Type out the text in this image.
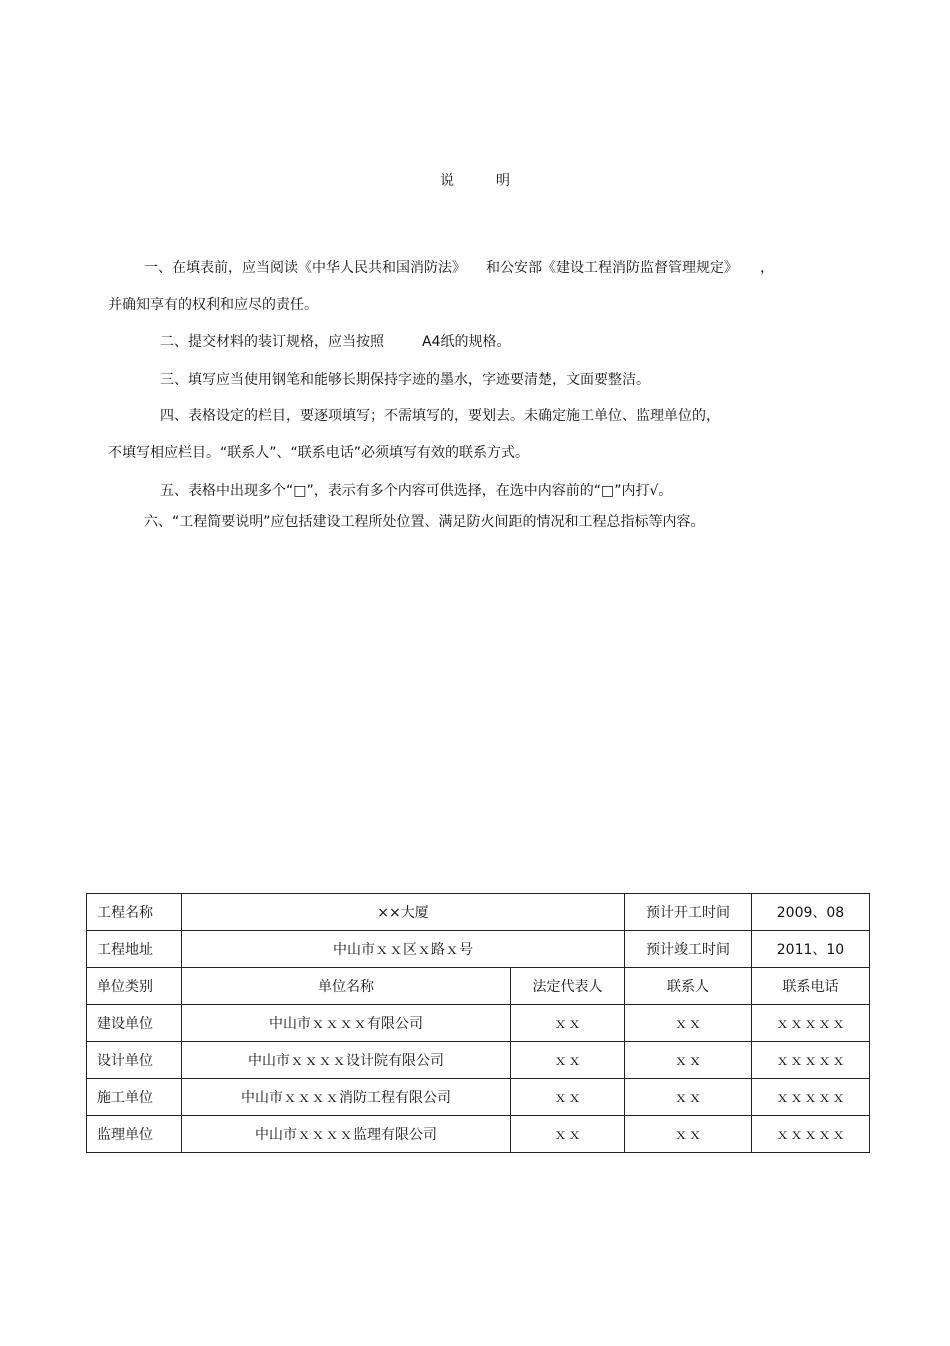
说	明
一、在填表前，应当阅读《中华人民共和国消防法》 和公安部《建设工程消防监督管理规定》 ，
并确知享有的权利和应尽的责任。
二、提交材料的装订规格，应当按照	A4纸的规格。
三、填写应当使用钢笔和能够长期保持字迹的墨水，字迹要清楚，文面要整洁。
四、表格设定的栏目，要逐项填写；不需填写的，要划去。未确定施工单位、监理单位的，
不填写相应栏目。“联系人”、“联系电话”必须填写有效的联系方式。
五、表格中出现多个“□”，表示有多个内容可供选择，在选中内容前的“□”内打√。
六、“工程简要说明”应包括建设工程所处位置、满足防火间距的情况和工程总指标等内容。
工程名称	××大厦		预计开工时间	2009、08
工程地址	中山市ｘｘ区ｘ路ｘ号		预计竣工时间	2011、10
单位类别	单位名称	法定代表人	联系人	联系电话
建设单位	中山市ｘｘｘｘ有限公司	ｘｘ	ｘｘ	ｘｘｘｘｘ
设计单位	中山市ｘｘｘｘ设计院有限公司	ｘｘ	ｘｘ	ｘｘｘｘｘ
施工单位	中山市ｘｘｘｘ消防工程有限公司	ｘｘ	ｘｘ	ｘｘｘｘｘ
监理单位	中山市ｘｘｘｘ监理有限公司	ｘｘ	ｘｘ	ｘｘｘｘｘ
